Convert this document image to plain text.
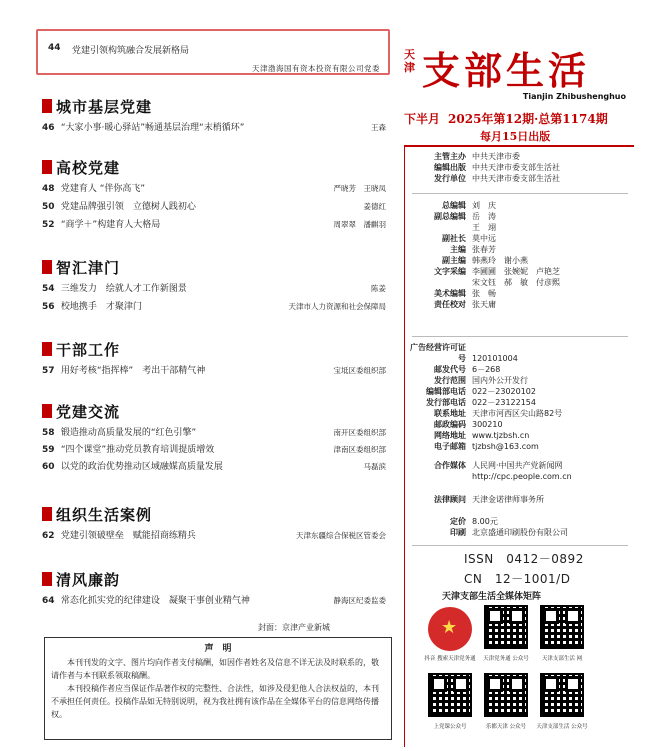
44	党建引领构筑融合发展新格局
天津渤海国有资本投资有限公司党委
城市基层党建
46 “大家小事·暖心驿站”畅通基层治理“末梢循环”	王森
高校党建
48 党建育人 “伴你高飞”	严晓芳　王晓凤
50 党建品牌强引领　立德树人践初心	姜德红
52 “商学＋”构建育人大格局	周翠翠　潘麒羽
智汇津门
54 三维发力　绘就人才工作新图景	陈姜
56 校地携手　才聚津门	天津市人力资源和社会保障局
干部工作
57 用好考核“指挥棒”　考出干部精气神	宝坻区委组织部
党建交流
58 锻造推动高质量发展的“红色引擎”	南开区委组织部
59 “四个课堂”推动党员教育培训提质增效	津南区委组织部
60 以党的政治优势推动区域融媒高质量发展	马磊滨
组织生活案例
62 党建引领破壁垒　赋能招商练精兵	天津东疆综合保税区管委会
清风廉韵
64 常态化抓实党的纪律建设　凝聚干事创业精气神	静海区纪委监委
封面：京津产业新城
声　明

本刊刊发的文字、图片均向作者支付稿酬，如因作者姓名及信息不详无法及时联系的，敬请作者与本刊联系领取稿酬。

本刊投稿作者应当保证作品著作权的完整性、合法性，如涉及侵犯他人合法权益的，本刊不承担任何责任。投稿作品如无特别说明，视为我社拥有该作品在全媒体平台的信息网络传播权。

天津 支部生活
Tianjin Zhibushenghuo
下半月 2025年第12期·总第1174期
每月15日出版
主管主办 中共天津市委
编辑出版 中共天津市委支部生活社
发行单位 中共天津市委支部生活社
总编辑 刘　庆
副总编辑 岳　涛
王　翊
副社长 莫中远
主编 张春芳
副主编 韩燕玲　谢小燕
文字采编 李圃圃　张婉妮　卢艳芝
宋文钰　郝　敏　付彦熙
美术编辑 张　畅
责任校对 张天庸
广告经营许可证号 120101004
邮发代号 6－268
发行范围 国内外公开发行
编辑部电话 022－23020102
发行部电话 022－23122154
联系地址 天津市河西区尖山路82号
邮政编码 300210
网络地址 www.tjzbsh.cn
电子邮箱 tjzbsh@163.com
合作媒体 人民网·中国共产党新闻网
http://cpc.people.com.cn
法律顾问 天津金诺律师事务所
定价 8.00元
印刷 北京盛通印刷股份有限公司
ISSN　0412－0892
CN　12－1001/D
天津支部生活全媒体矩阵
★
抖音 搜索天津党务通	天津党务通 公众号	天津支部生活 网
上党课公众号	乐都天津 公众号	天津支部生活 公众号
